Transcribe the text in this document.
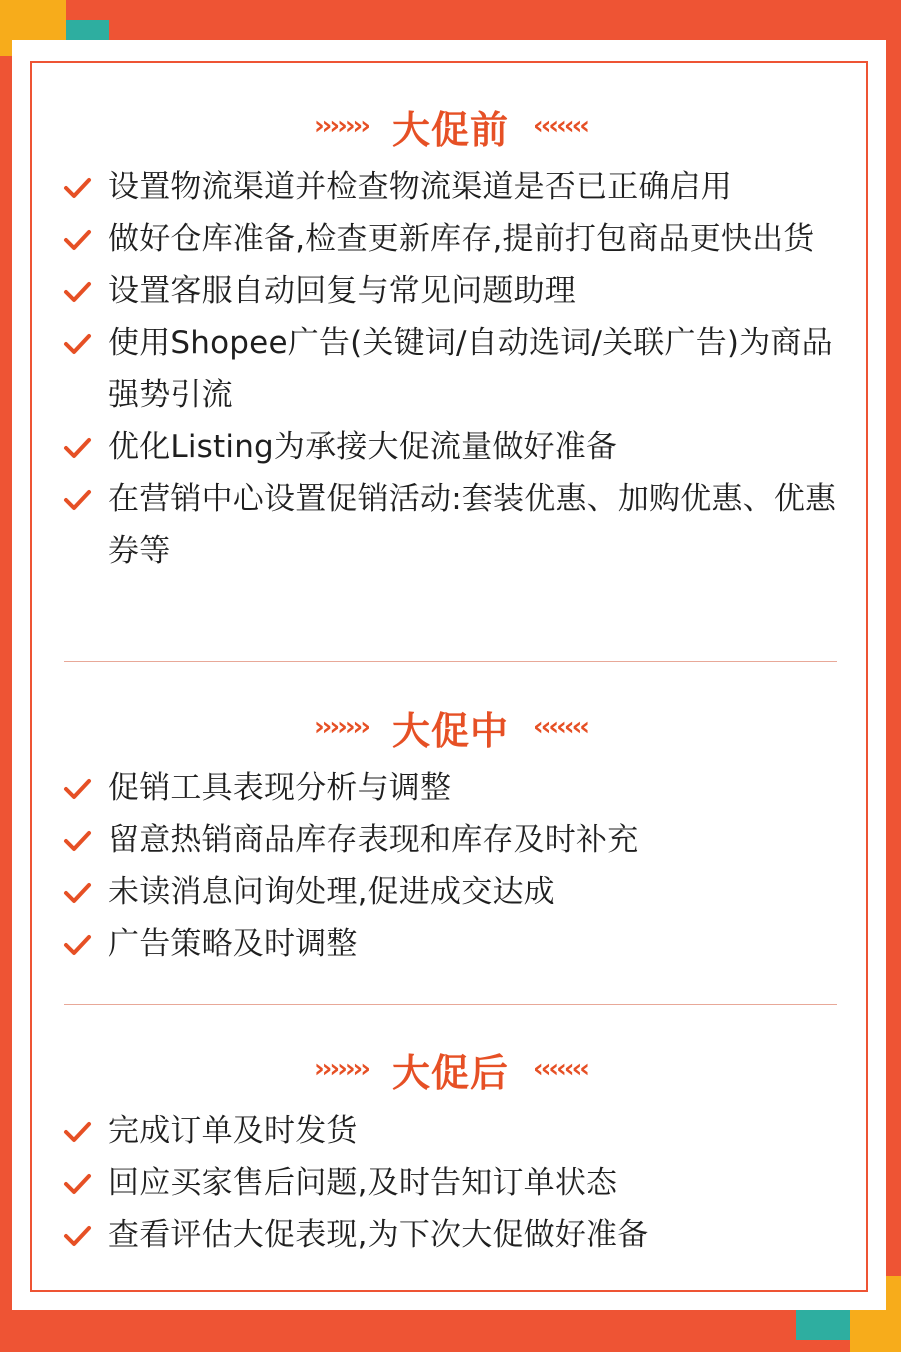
››››››› 大促前 ‹‹‹‹‹‹‹
设置物流渠道并检查物流渠道是否已正确启用
做好仓库准备,检查更新库存,提前打包商品更快出货
设置客服自动回复与常见问题助理
使用Shopee广告(关键词/自动选词/关联广告)为商品强势引流
优化Listing为承接大促流量做好准备
在营销中心设置促销活动:套装优惠、加购优惠、优惠券等
››››››› 大促中 ‹‹‹‹‹‹‹
促销工具表现分析与调整
留意热销商品库存表现和库存及时补充
未读消息问询处理,促进成交达成
广告策略及时调整
››››››› 大促后 ‹‹‹‹‹‹‹
完成订单及时发货
回应买家售后问题,及时告知订单状态
查看评估大促表现,为下次大促做好准备
